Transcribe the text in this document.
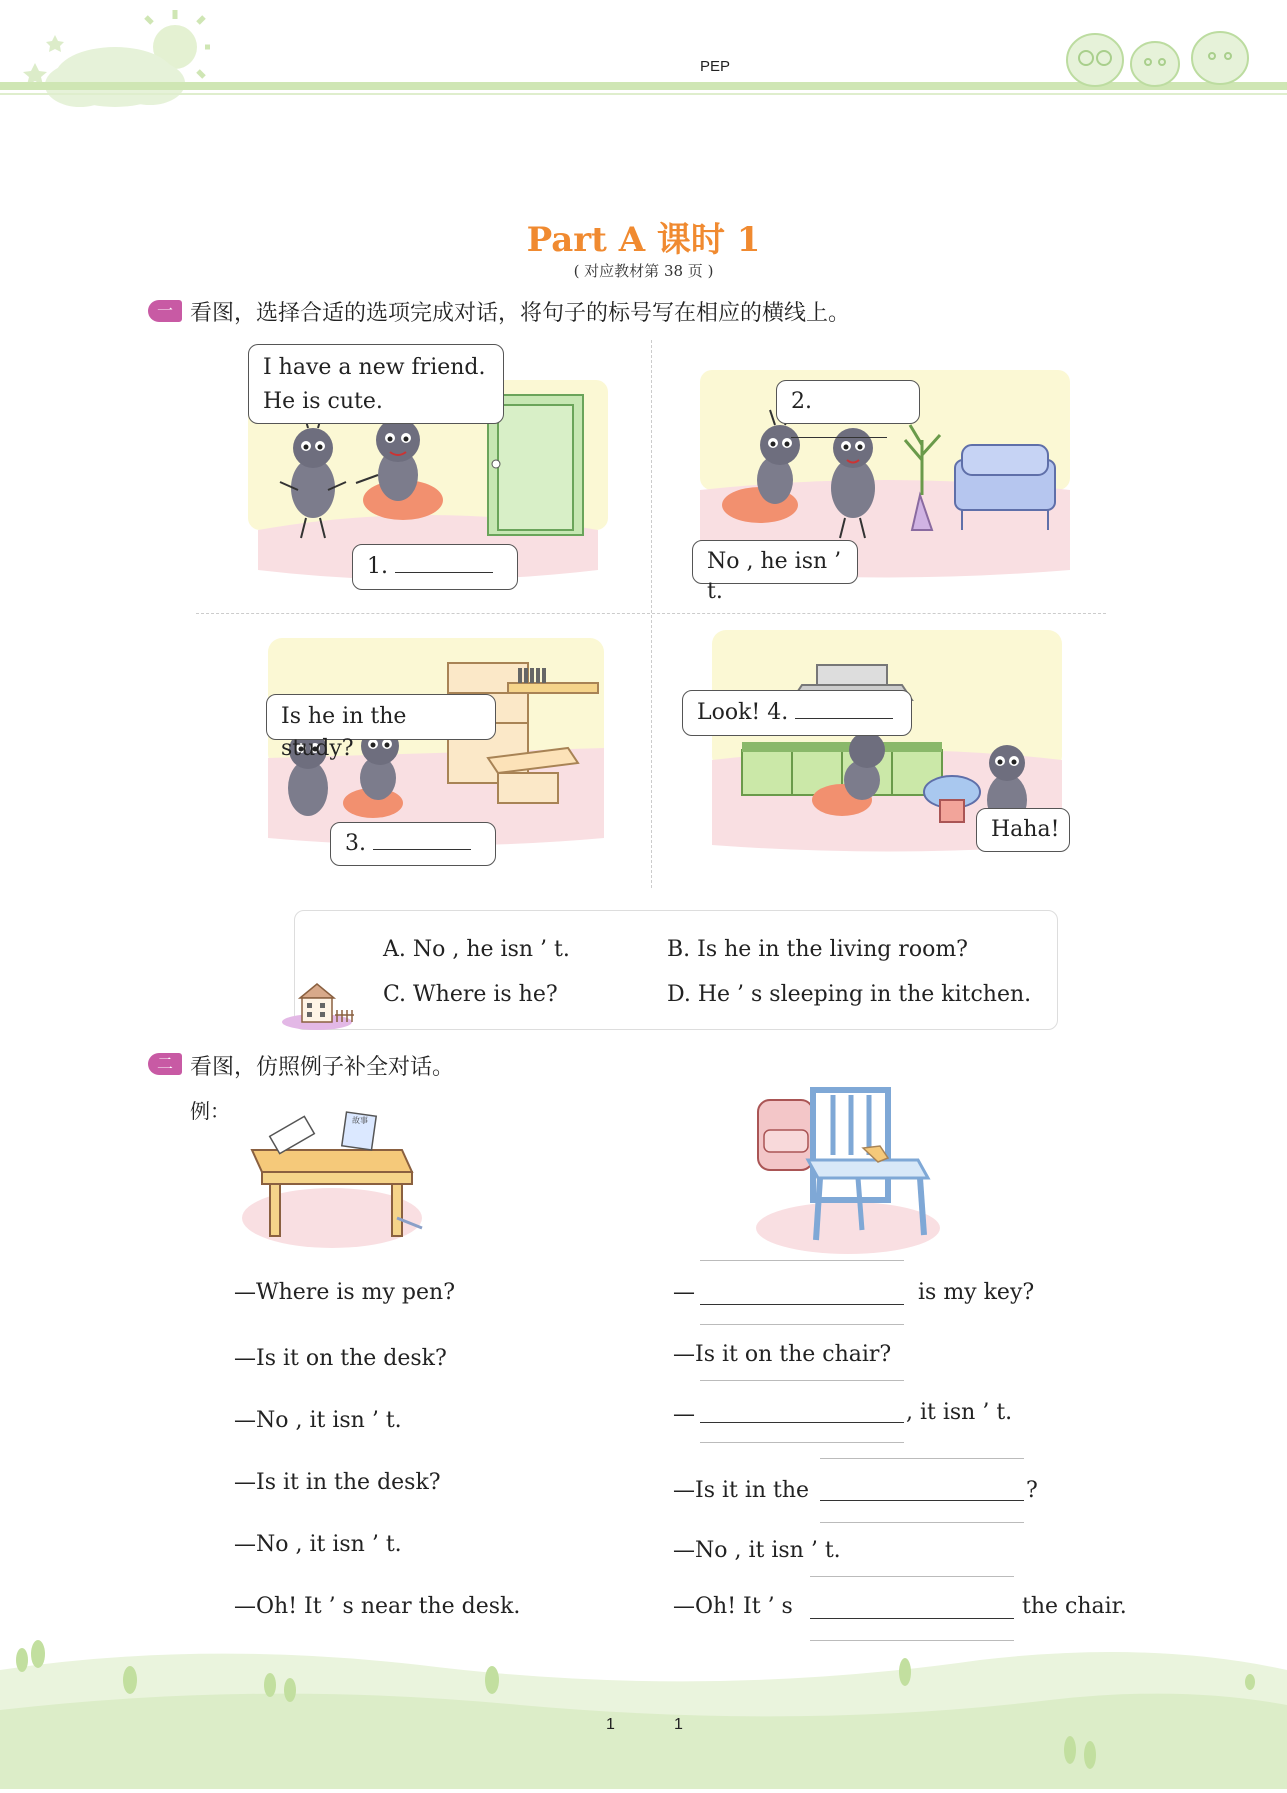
PEP
Part A 课时 1
( 对应教材第 38 页 )
一 看图，选择合适的选项完成对话，将句子的标号写在相应的横线上。
I have a new friend.
He is cute.
1.
2.
No , he isn ’ t.
Is he in the study?
3.
Look! 4.
Haha!
A. No , he isn ’ t.	B. Is he in the living room?
C. Where is he?	D. He ’ s sleeping in the kitchen.
二 看图，仿照例子补全对话。
例：	故事
—Where is my pen?
—Is it on the desk?
—No , it isn ’ t.
—Is it in the desk?
—No , it isn ’ t.
—Oh! It ’ s near the desk.
—	is my key?
—Is it on the chair?
—	, it isn ’ t.
—Is it in the	?
—No , it isn ’ t.
—Oh! It ’ s	the chair.
1	1
